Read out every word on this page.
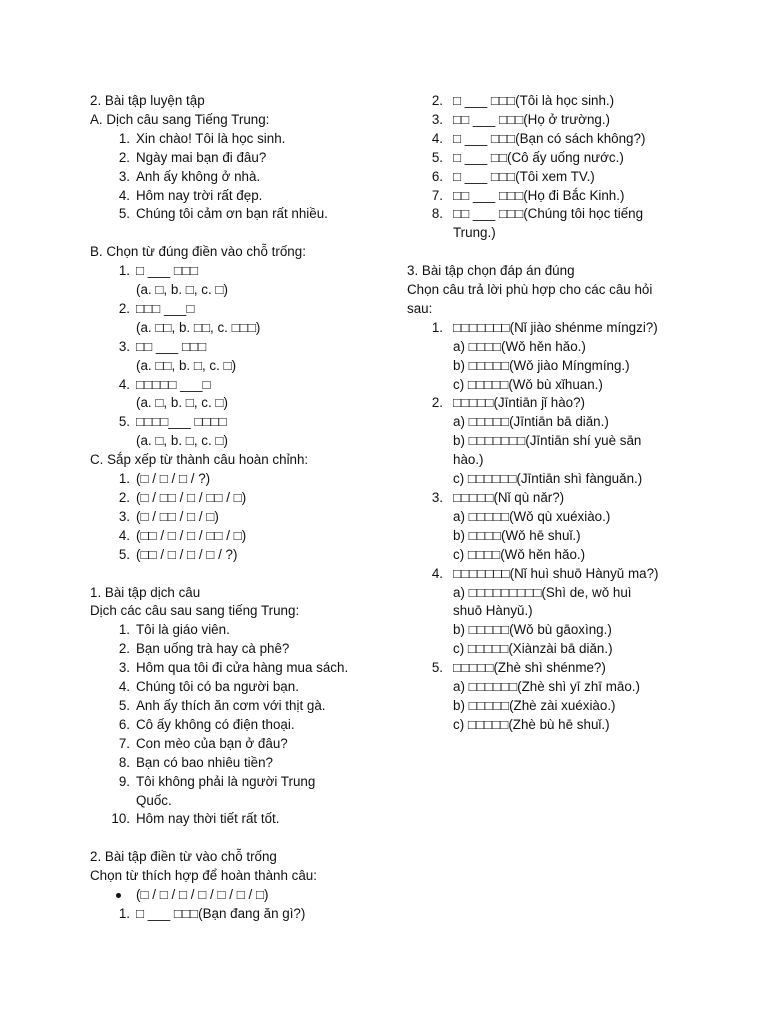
2. Bài tập luyện tập

A. Dịch câu sang Tiếng Trung:

1. Xin chào! Tôi là học sinh.
2. Ngày mai bạn đi đâu?
3. Anh ấy không ở nhà.
4. Hôm nay trời rất đẹp.
5. Chúng tôi cảm ơn bạn rất nhiều.

B. Chọn từ đúng điền vào chỗ trống:

1. □ ___ □□□
(a. □, b. □, c. □)
2. □□□ ___□
(a. □□, b. □□, c. □□□)
3. □□ ___ □□□
(a. □□, b. □, c. □)
4. □□□□□ ___□
(a. □, b. □, c. □)
5. □□□□___ □□□□
(a. □, b. □, c. □)

C. Sắp xếp từ thành câu hoàn chỉnh:

1. (□ / □ / □ / ?)
2. (□ / □□ / □ / □□ / □)
3. (□ / □□ / □ / □)
4. (□□ / □ / □ / □□ / □)
5. (□□ / □ / □ / □ / ?)

1. Bài tập dịch câu

Dịch các câu sau sang tiếng Trung:

1. Tôi là giáo viên.
2. Bạn uống trà hay cà phê?
3. Hôm qua tôi đi cửa hàng mua sách.
4. Chúng tôi có ba người bạn.
5. Anh ấy thích ăn cơm với thịt gà.
6. Cô ấy không có điện thoại.
7. Con mèo của bạn ở đâu?
8. Bạn có bao nhiêu tiền?
9. Tôi không phải là người Trung
Quốc.
10. Hôm nay thời tiết rất tốt.

2. Bài tập điền từ vào chỗ trống

Chọn từ thích hợp để hoàn thành câu:

(□ / □ / □ / □ / □ / □ / □)
1. □ ___ □□□(Bạn đang ăn gì?)
2. □ ___ □□□(Tôi là học sinh.)
3. □□ ___ □□□(Họ ở trường.)
4. □ ___ □□□(Bạn có sách không?)
5. □ ___ □□(Cô ấy uống nước.)
6. □ ___ □□□(Tôi xem TV.)
7. □□ ___ □□□(Họ đi Bắc Kinh.)
8. □□ ___ □□□(Chúng tôi học tiếng
Trung.)

3. Bài tập chọn đáp án đúng

Chọn câu trả lời phù hợp cho các câu hỏi

sau:

1. □□□□□□□(Nǐ jiào shénme míngzi?)
a) □□□□(Wǒ hěn hǎo.)
b) □□□□□(Wǒ jiào Míngmíng.)
c) □□□□□(Wǒ bù xǐhuan.)
2. □□□□□(Jīntiān jǐ hào?)
a) □□□□□(Jīntiān bā diǎn.)
b) □□□□□□□(Jīntiān shí yuè sān
hào.)
c) □□□□□□(Jīntiān shì fànguǎn.)
3. □□□□□(Nǐ qù nǎr?)
a) □□□□□(Wǒ qù xuéxiào.)
b) □□□□(Wǒ hē shuǐ.)
c) □□□□(Wǒ hěn hǎo.)
4. □□□□□□□(Nǐ huì shuō Hànyǔ ma?)
a) □□□□□□□□□(Shì de, wǒ huì
shuō Hànyǔ.)
b) □□□□□(Wǒ bù gāoxìng.)
c) □□□□□(Xiànzài bā diǎn.)
5. □□□□□(Zhè shì shénme?)
a) □□□□□□(Zhè shì yī zhī māo.)
b) □□□□□(Zhè zài xuéxiào.)
c) □□□□□(Zhè bù hē shuǐ.)
